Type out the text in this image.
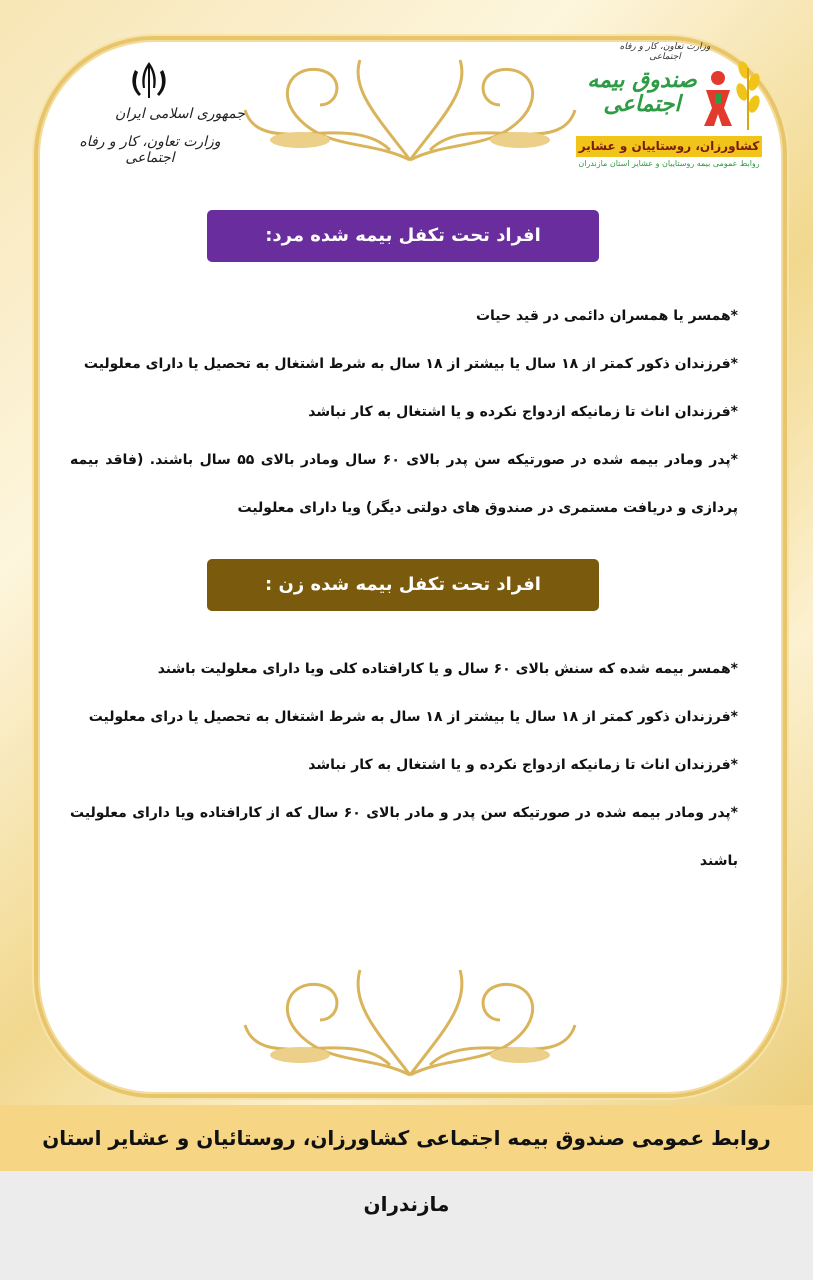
جمهوری اسلامی ایران
وزارت تعاون، کار و رفاه اجتماعی
وزارت تعاون، کار و رفاه اجتماعی
صندوق بیمه اجتماعی
کشاورزان، روستاییان و عشایر
روابط عمومی بیمه روستاییان و عشایر استان مازندران
افراد تحت تکفل بیمه شده مرد:

*همسر یا همسران دائمی در قید حیات

*فرزندان ذکور کمتر از ۱۸ سال یا بیشتر از ۱۸ سال به شرط اشتغال به تحصیل یا دارای معلولیت

*فرزندان اناث تا زمانیکه ازدواج نکرده و یا اشتغال به کار نباشد

*پدر ومادر بیمه شده در صورتیکه سن پدر بالای ۶۰ سال ومادر بالای ۵۵ سال باشند. (فاقد بیمه پردازی و دریافت مستمری در صندوق های دولتی دیگر) ویا دارای معلولیت

افراد تحت تکفل بیمه شده زن :

*همسر بیمه شده که سنش بالای ۶۰ سال و یا کارافتاده کلی ویا دارای معلولیت باشند

*فرزندان ذکور کمتر از ۱۸ سال یا بیشتر از ۱۸ سال به شرط اشتغال به تحصیل یا درای معلولیت

*فرزندان اناث تا زمانیکه ازدواج نکرده و یا اشتغال به کار نباشد

*پدر ومادر بیمه شده در صورتیکه سن پدر و مادر بالای ۶۰ سال که از کارافتاده ویا دارای معلولیت باشند

روابط عمومی صندوق بیمه اجتماعی کشاورزان، روستائیان و عشایر استان مازندران
